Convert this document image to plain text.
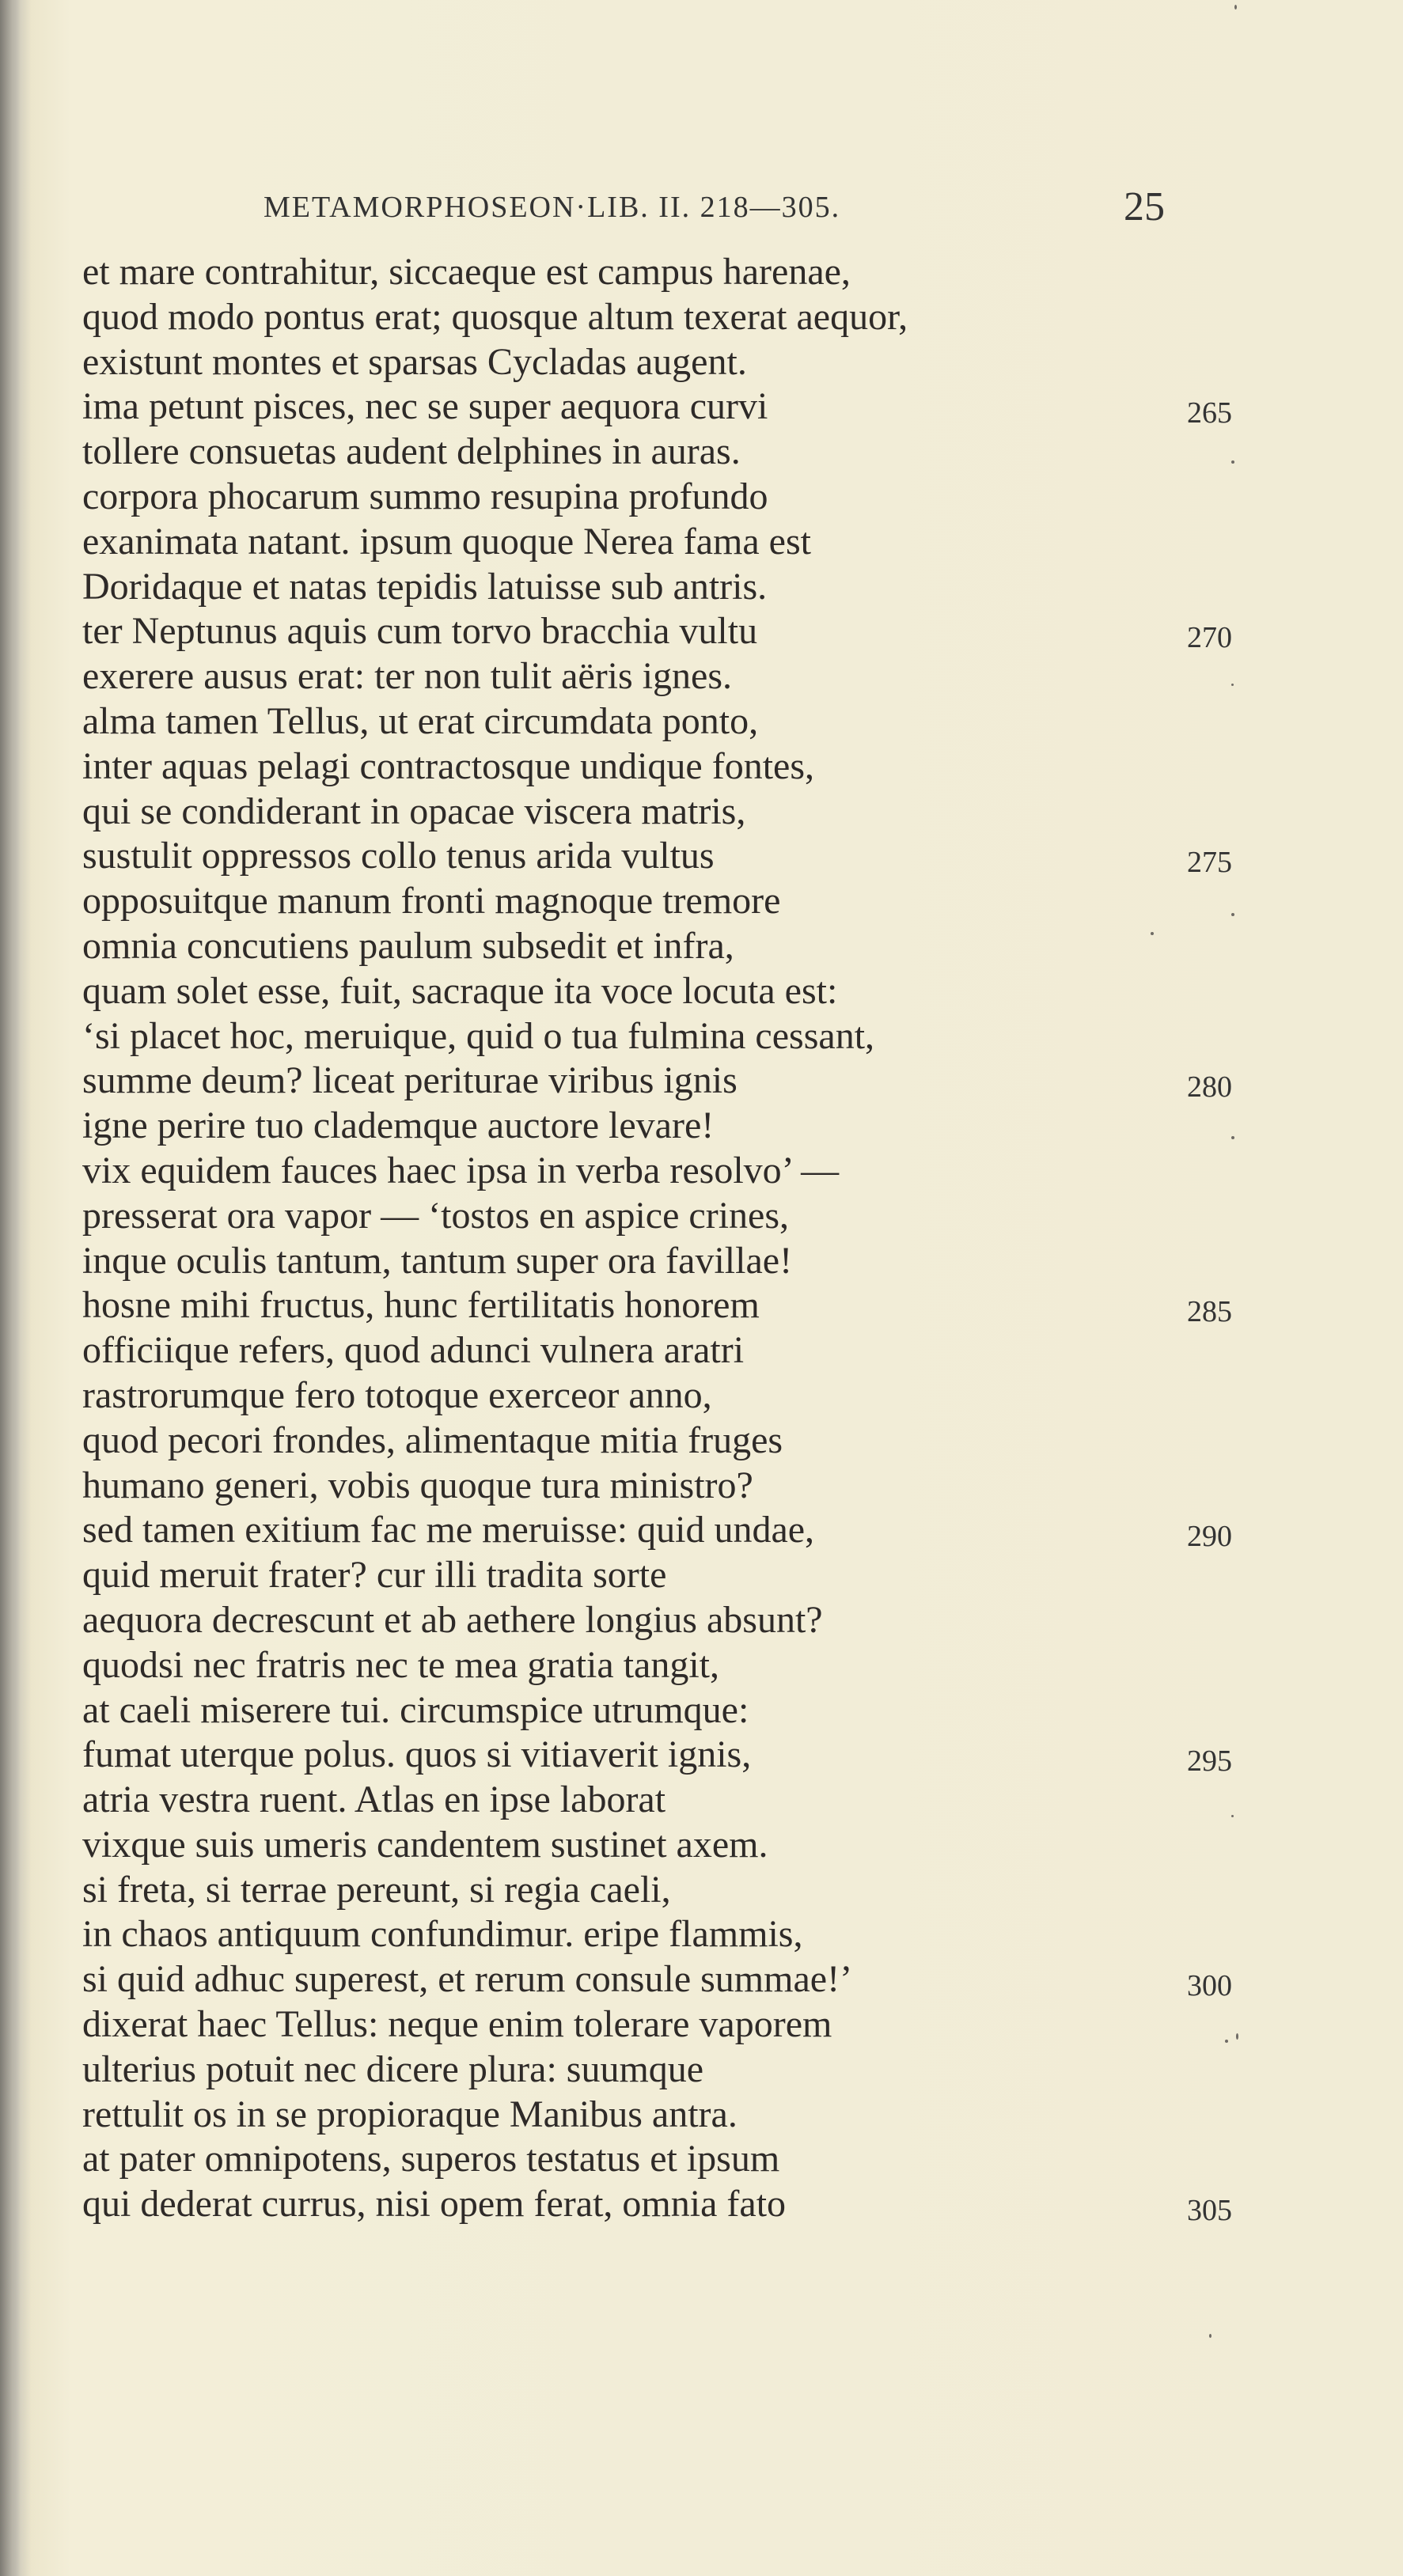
METAMORPHOSEON·LIB. II. 218—305.	25
et mare contrahitur, siccaeque est campus harenae,
quod modo pontus erat; quosque altum texerat aequor,
existunt montes et sparsas Cycladas augent.
ima petunt pisces, nec se super aequora curvi	265
tollere consuetas audent delphines in auras.
corpora phocarum summo resupina profundo
exanimata natant. ipsum quoque Nerea fama est
Doridaque et natas tepidis latuisse sub antris.
ter Neptunus aquis cum torvo bracchia vultu	270
exerere ausus erat: ter non tulit aëris ignes.
alma tamen Tellus, ut erat circumdata ponto,
inter aquas pelagi contractosque undique fontes,
qui se condiderant in opacae viscera matris,
sustulit oppressos collo tenus arida vultus	275
opposuitque manum fronti magnoque tremore
omnia concutiens paulum subsedit et infra,
quam solet esse, fuit, sacraque ita voce locuta est:
‘si placet hoc, meruique, quid o tua fulmina cessant,
summe deum? liceat periturae viribus ignis	280
igne perire tuo clademque auctore levare!
vix equidem fauces haec ipsa in verba resolvo’ —
presserat ora vapor — ‘tostos en aspice crines,
inque oculis tantum, tantum super ora favillae!
hosne mihi fructus, hunc fertilitatis honorem	285
officiique refers, quod adunci vulnera aratri
rastrorumque fero totoque exerceor anno,
quod pecori frondes, alimentaque mitia fruges
humano generi, vobis quoque tura ministro?
sed tamen exitium fac me meruisse: quid undae,	290
quid meruit frater? cur illi tradita sorte
aequora decrescunt et ab aethere longius absunt?
quodsi nec fratris nec te mea gratia tangit,
at caeli miserere tui. circumspice utrumque:
fumat uterque polus. quos si vitiaverit ignis,	295
atria vestra ruent. Atlas en ipse laborat
vixque suis umeris candentem sustinet axem.
si freta, si terrae pereunt, si regia caeli,
in chaos antiquum confundimur. eripe flammis,
si quid adhuc superest, et rerum consule summae!’	300
dixerat haec Tellus: neque enim tolerare vaporem
ulterius potuit nec dicere plura: suumque
rettulit os in se propioraque Manibus antra.
at pater omnipotens, superos testatus et ipsum
qui dederat currus, nisi opem ferat, omnia fato	305
